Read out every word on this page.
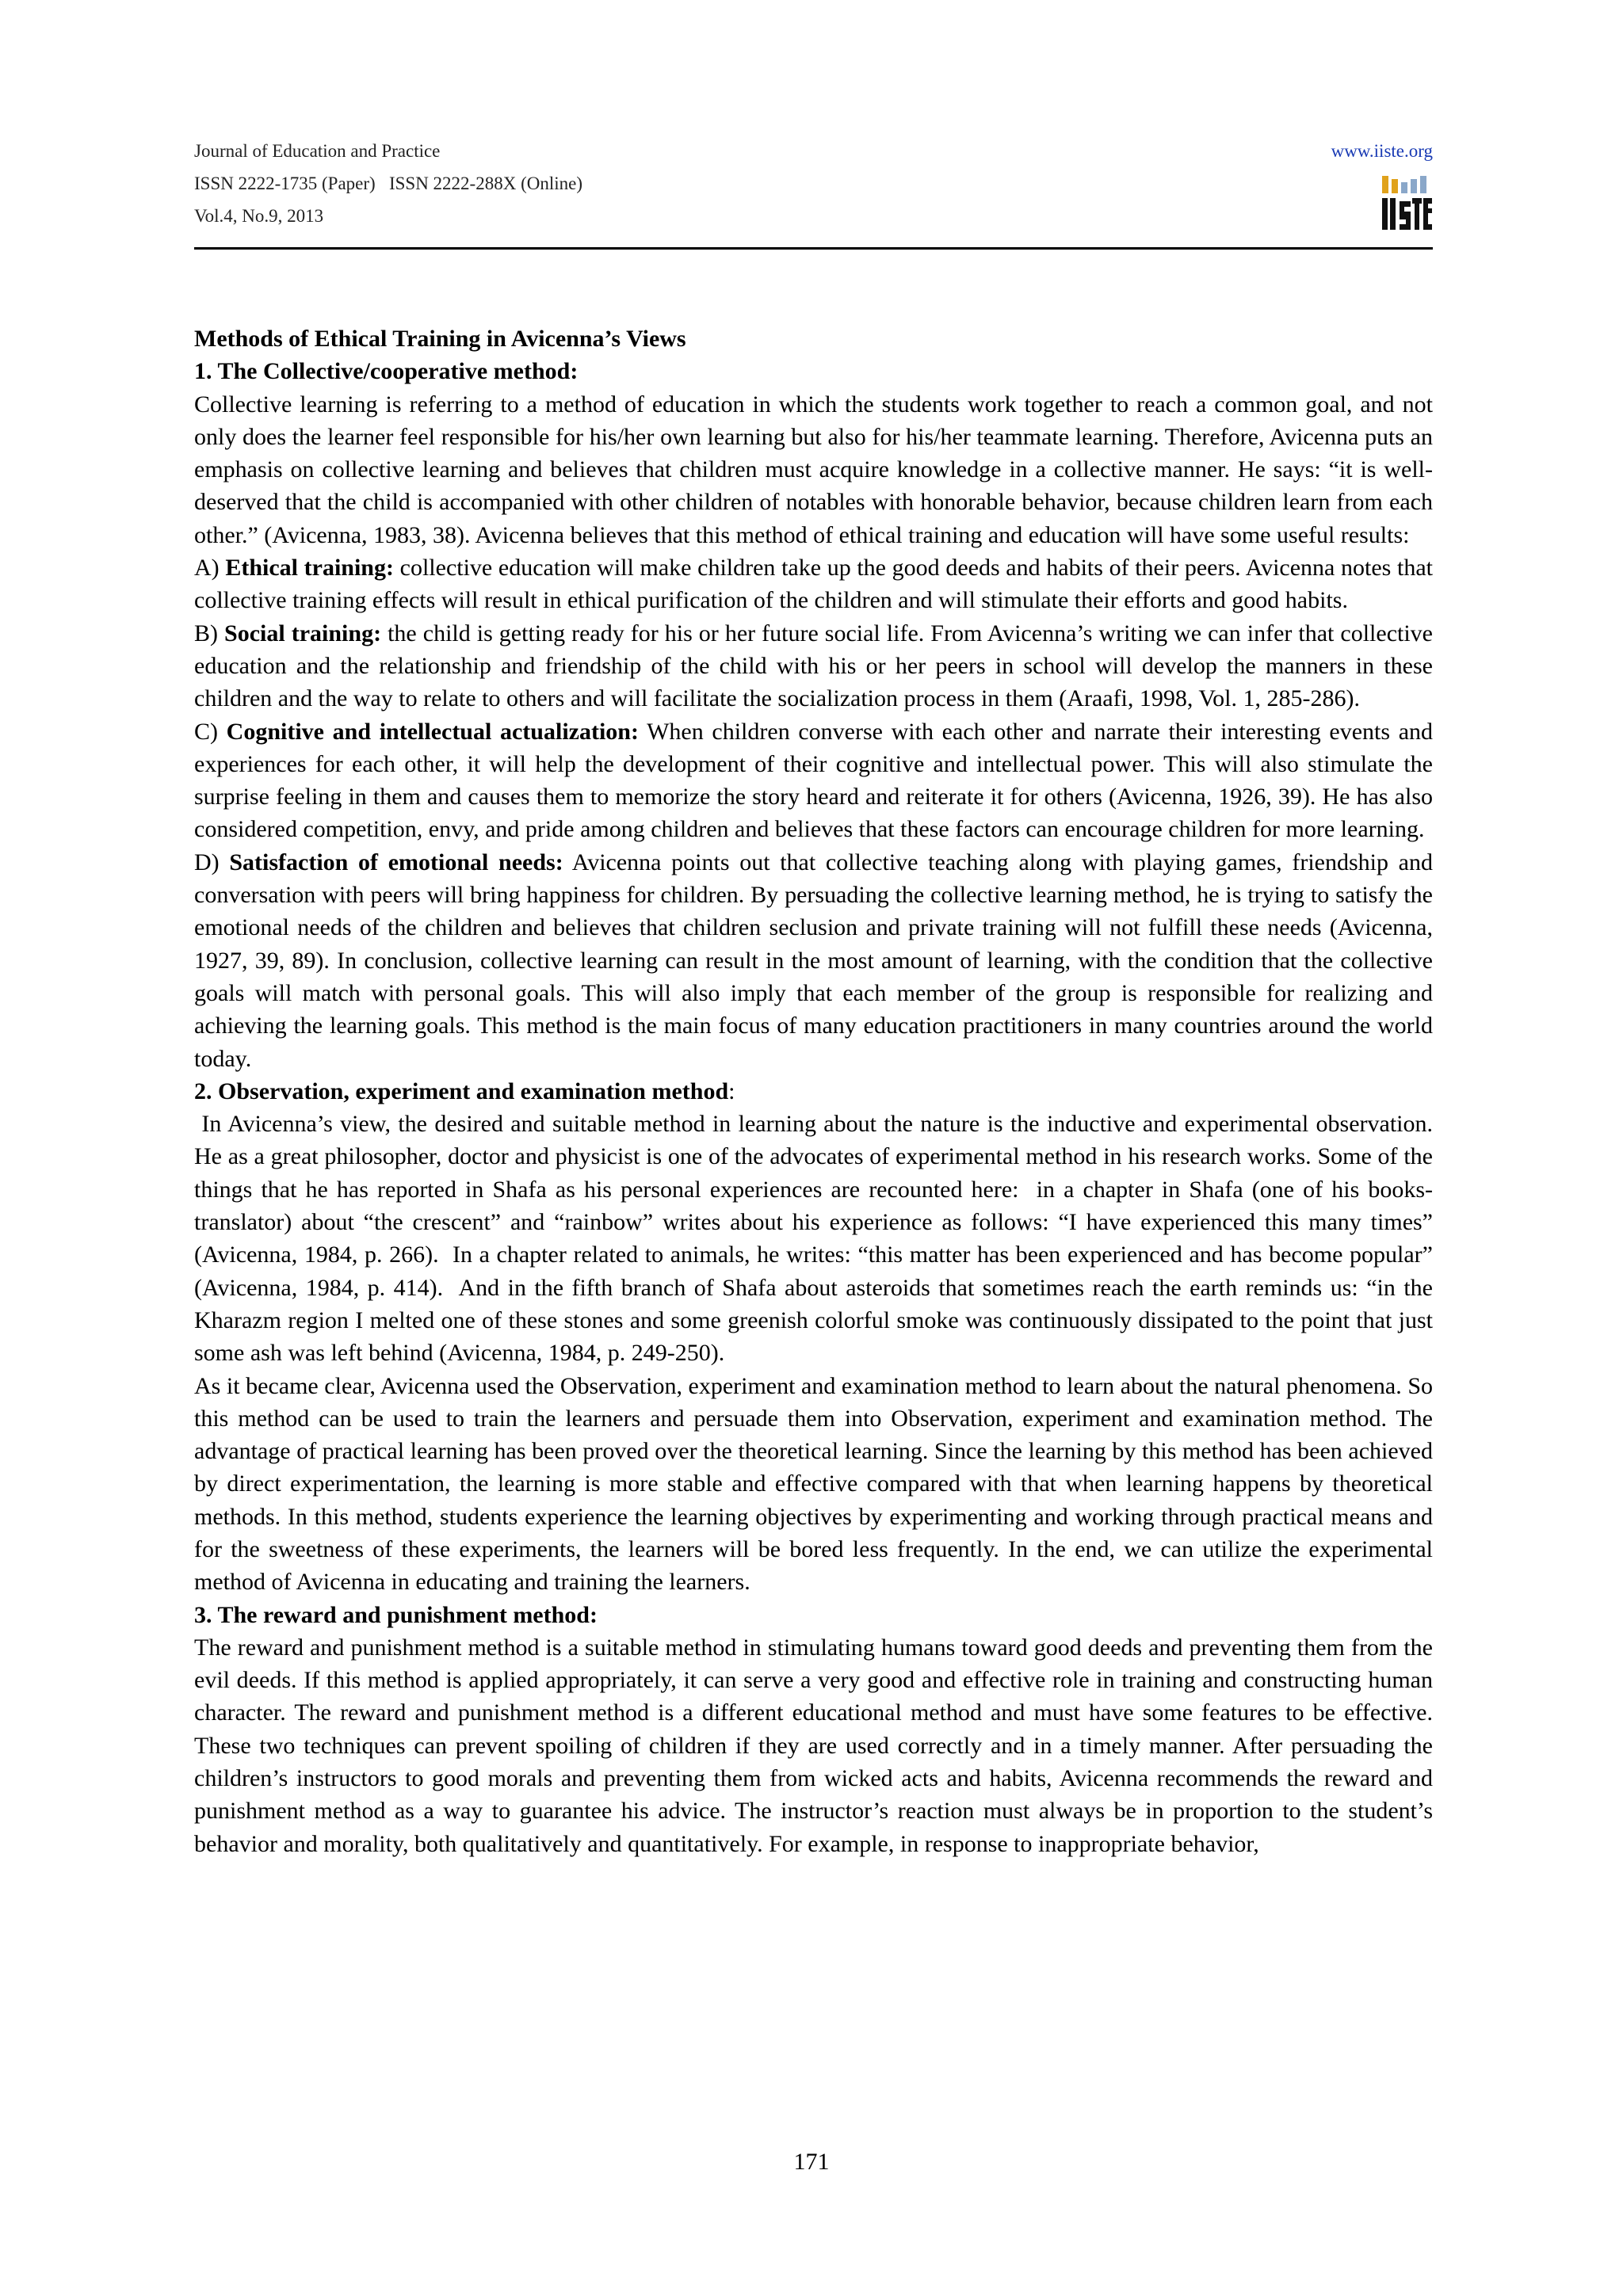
Journal of Education and Practice
ISSN 2222-1735 (Paper)   ISSN 2222-288X (Online)
Vol.4, No.9, 2013
www.iiste.org

Methods of Ethical Training in Avicenna’s Views

1. The Collective/cooperative method:

Collective learning is referring to a method of education in which the students work together to reach a common goal, and not only does the learner feel responsible for his/her own learning but also for his/her teammate learning. Therefore, Avicenna puts an emphasis on collective learning and believes that children must acquire knowledge in a collective manner. He says: “it is well-deserved that the child is accompanied with other children of notables with honorable behavior, because children learn from each other.” (Avicenna, 1983, 38). Avicenna believes that this method of ethical training and education will have some useful results:

A) Ethical training: collective education will make children take up the good deeds and habits of their peers. Avicenna notes that collective training effects will result in ethical purification of the children and will stimulate their efforts and good habits.

B) Social training: the child is getting ready for his or her future social life. From Avicenna’s writing we can infer that collective education and the relationship and friendship of the child with his or her peers in school will develop the manners in these children and the way to relate to others and will facilitate the socialization process in them (Araafi, 1998, Vol. 1, 285-286).

C) Cognitive and intellectual actualization: When children converse with each other and narrate their interesting events and experiences for each other, it will help the development of their cognitive and intellectual power. This will also stimulate the surprise feeling in them and causes them to memorize the story heard and reiterate it for others (Avicenna, 1926, 39). He has also considered competition, envy, and pride among children and believes that these factors can encourage children for more learning.

D) Satisfaction of emotional needs: Avicenna points out that collective teaching along with playing games, friendship and conversation with peers will bring happiness for children. By persuading the collective learning method, he is trying to satisfy the emotional needs of the children and believes that children seclusion and private training will not fulfill these needs (Avicenna, 1927, 39, 89). In conclusion, collective learning can result in the most amount of learning, with the condition that the collective goals will match with personal goals. This will also imply that each member of the group is responsible for realizing and achieving the learning goals. This method is the main focus of many education practitioners in many countries around the world today.

2. Observation, experiment and examination method:

In Avicenna’s view, the desired and suitable method in learning about the nature is the inductive and experimental observation. He as a great philosopher, doctor and physicist is one of the advocates of experimental method in his research works. Some of the things that he has reported in Shafa as his personal experiences are recounted here:  in a chapter in Shafa (one of his books- translator) about “the crescent” and “rainbow” writes about his experience as follows: “I have experienced this many times” (Avicenna, 1984, p. 266).  In a chapter related to animals, he writes: “this matter has been experienced and has become popular” (Avicenna, 1984, p. 414).  And in the fifth branch of Shafa about asteroids that sometimes reach the earth reminds us: “in the Kharazm region I melted one of these stones and some greenish colorful smoke was continuously dissipated to the point that just some ash was left behind (Avicenna, 1984, p. 249-250).

As it became clear, Avicenna used the Observation, experiment and examination method to learn about the natural phenomena. So this method can be used to train the learners and persuade them into Observation, experiment and examination method. The advantage of practical learning has been proved over the theoretical learning. Since the learning by this method has been achieved by direct experimentation, the learning is more stable and effective compared with that when learning happens by theoretical methods. In this method, students experience the learning objectives by experimenting and working through practical means and for the sweetness of these experiments, the learners will be bored less frequently. In the end, we can utilize the experimental method of Avicenna in educating and training the learners.

3. The reward and punishment method:

The reward and punishment method is a suitable method in stimulating humans toward good deeds and preventing them from the evil deeds. If this method is applied appropriately, it can serve a very good and effective role in training and constructing human character. The reward and punishment method is a different educational method and must have some features to be effective. These two techniques can prevent spoiling of children if they are used correctly and in a timely manner. After persuading the children’s instructors to good morals and preventing them from wicked acts and habits, Avicenna recommends the reward and punishment method as a way to guarantee his advice. The instructor’s reaction must always be in proportion to the student’s behavior and morality, both qualitatively and quantitatively. For example, in response to inappropriate behavior,

171
